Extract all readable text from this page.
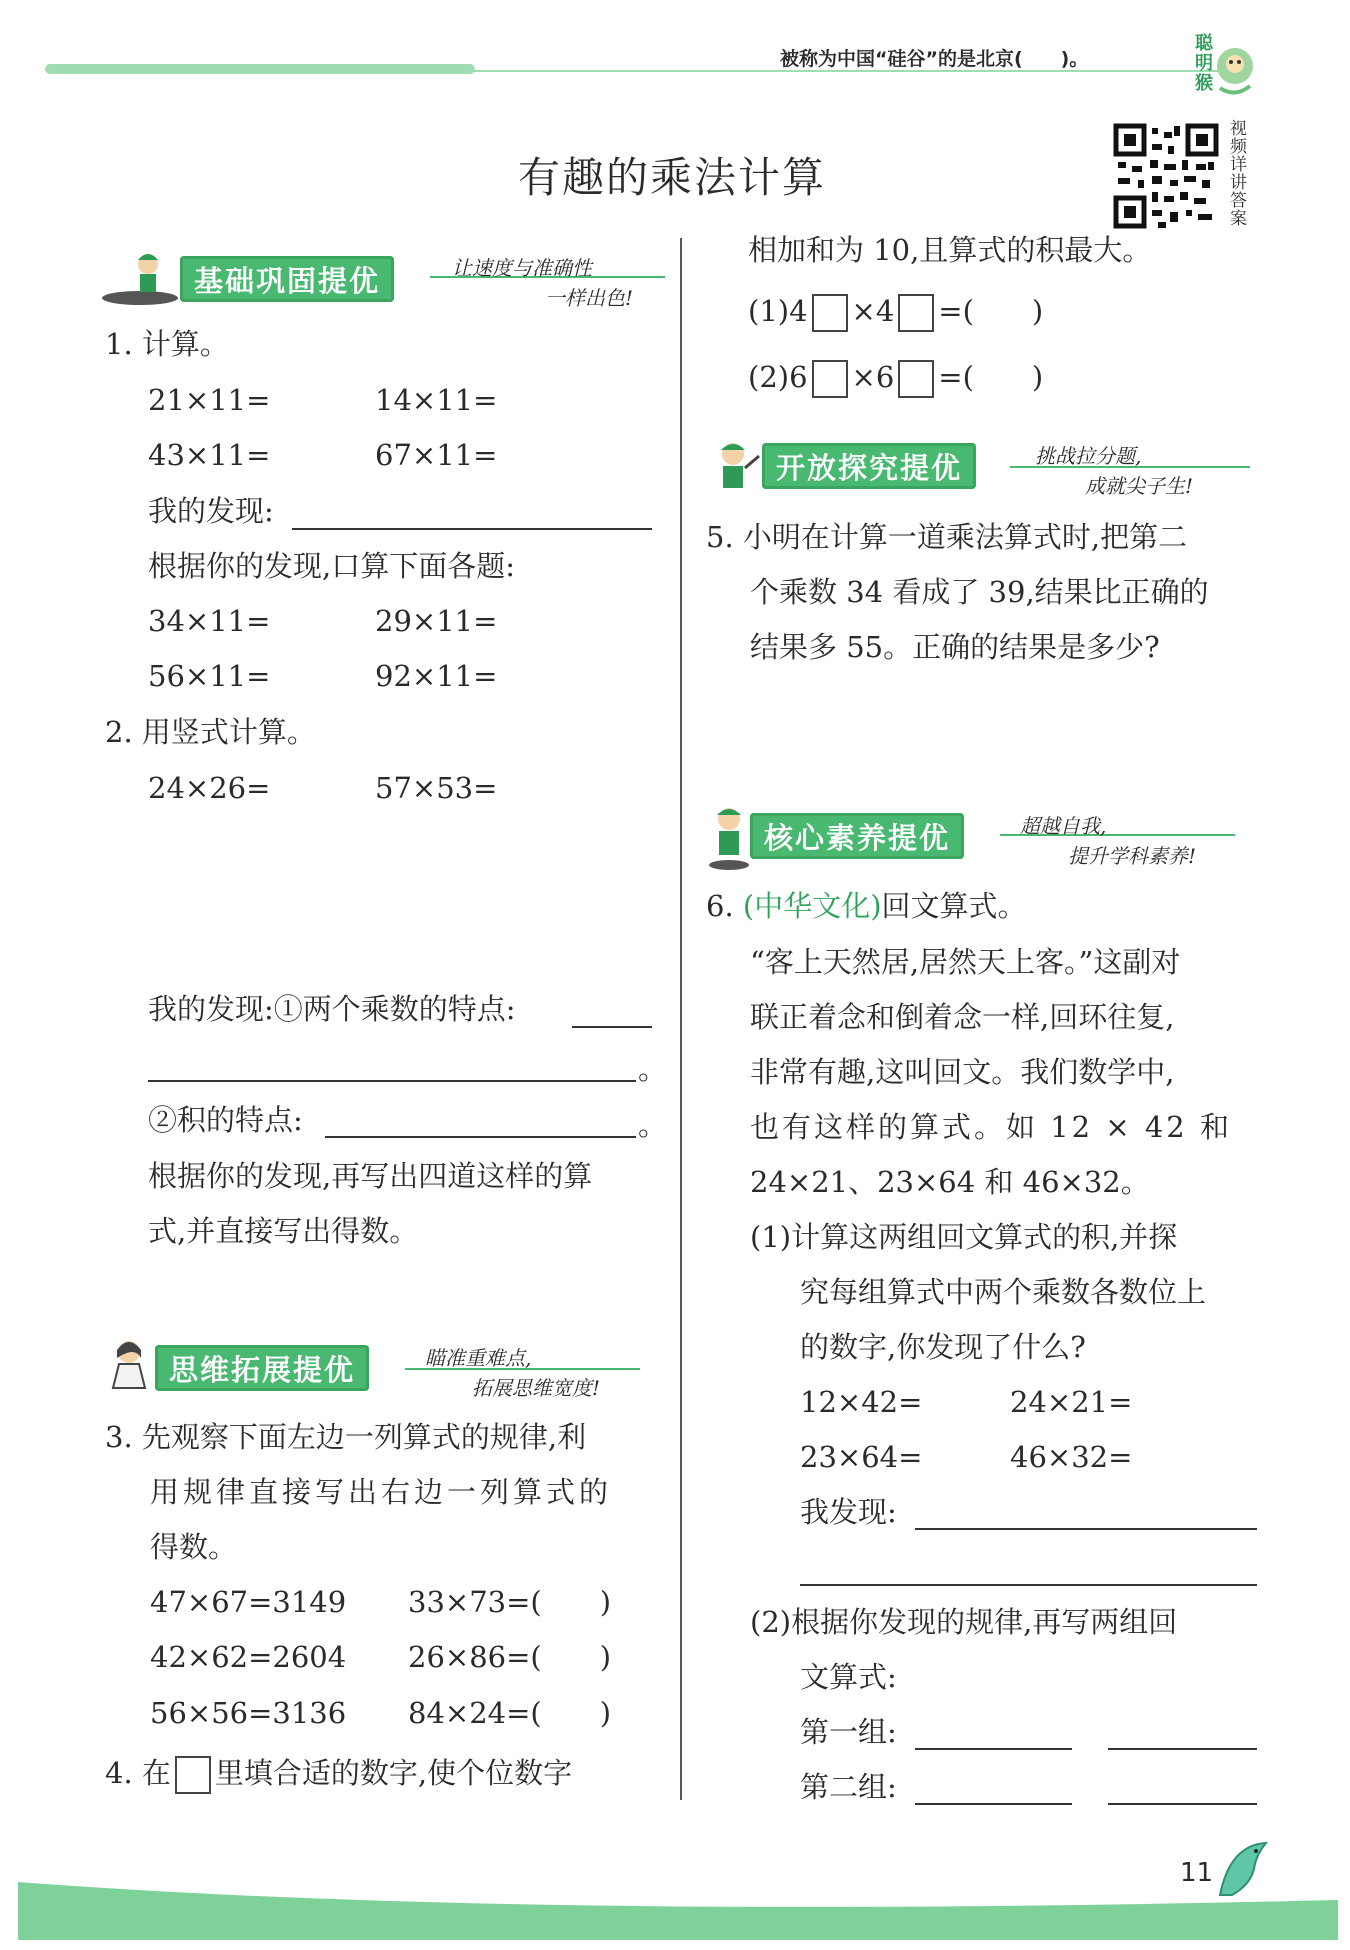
被称为中国“硅谷”的是北京(　　)。
聪明猴
有趣的乘法计算
视频详讲答案
基础巩固提优	让速度与准确性
一样出色!
1. 计算。
21×11=	14×11=
43×11=	67×11=
我的发现:
根据你的发现,口算下面各题:
34×11=	29×11=
56×11=	92×11=
2. 用竖式计算。
24×26=	57×53=
我的发现:①两个乘数的特点:
。
②积的特点:	。
根据你的发现,再写出四道这样的算
式,并直接写出得数。
思维拓展提优	瞄准重难点,
拓展思维宽度!
3. 先观察下面左边一列算式的规律,利
用规律直接写出右边一列算式的
得数。
47×67=3149 33×73=(　　)
42×62=2604 26×86=(　　)
56×56=3136 84×24=(　　)
4. 在 里填合适的数字,使个位数字
相加和为 10,且算式的积最大。
(1)4 ×4 =(　　)
(2)6 ×6 =(　　)
开放探究提优	挑战拉分题,
成就尖子生!
5. 小明在计算一道乘法算式时,把第二
个乘数 34 看成了 39,结果比正确的
结果多 55。正确的结果是多少?
核心素养提优	超越自我,
提升学科素养!
6. (中华文化)回文算式。
“客上天然居,居然天上客。”这副对
联正着念和倒着念一样,回环往复,
非常有趣,这叫回文。我们数学中,
也有这样的算式。如 12 × 42 和
24×21、23×64 和 46×32。
(1)计算这两组回文算式的积,并探
究每组算式中两个乘数各数位上
的数字,你发现了什么?
12×42=	24×21=
23×64=	46×32=
我发现:
(2)根据你发现的规律,再写两组回
文算式:
第一组:
第二组:
11
